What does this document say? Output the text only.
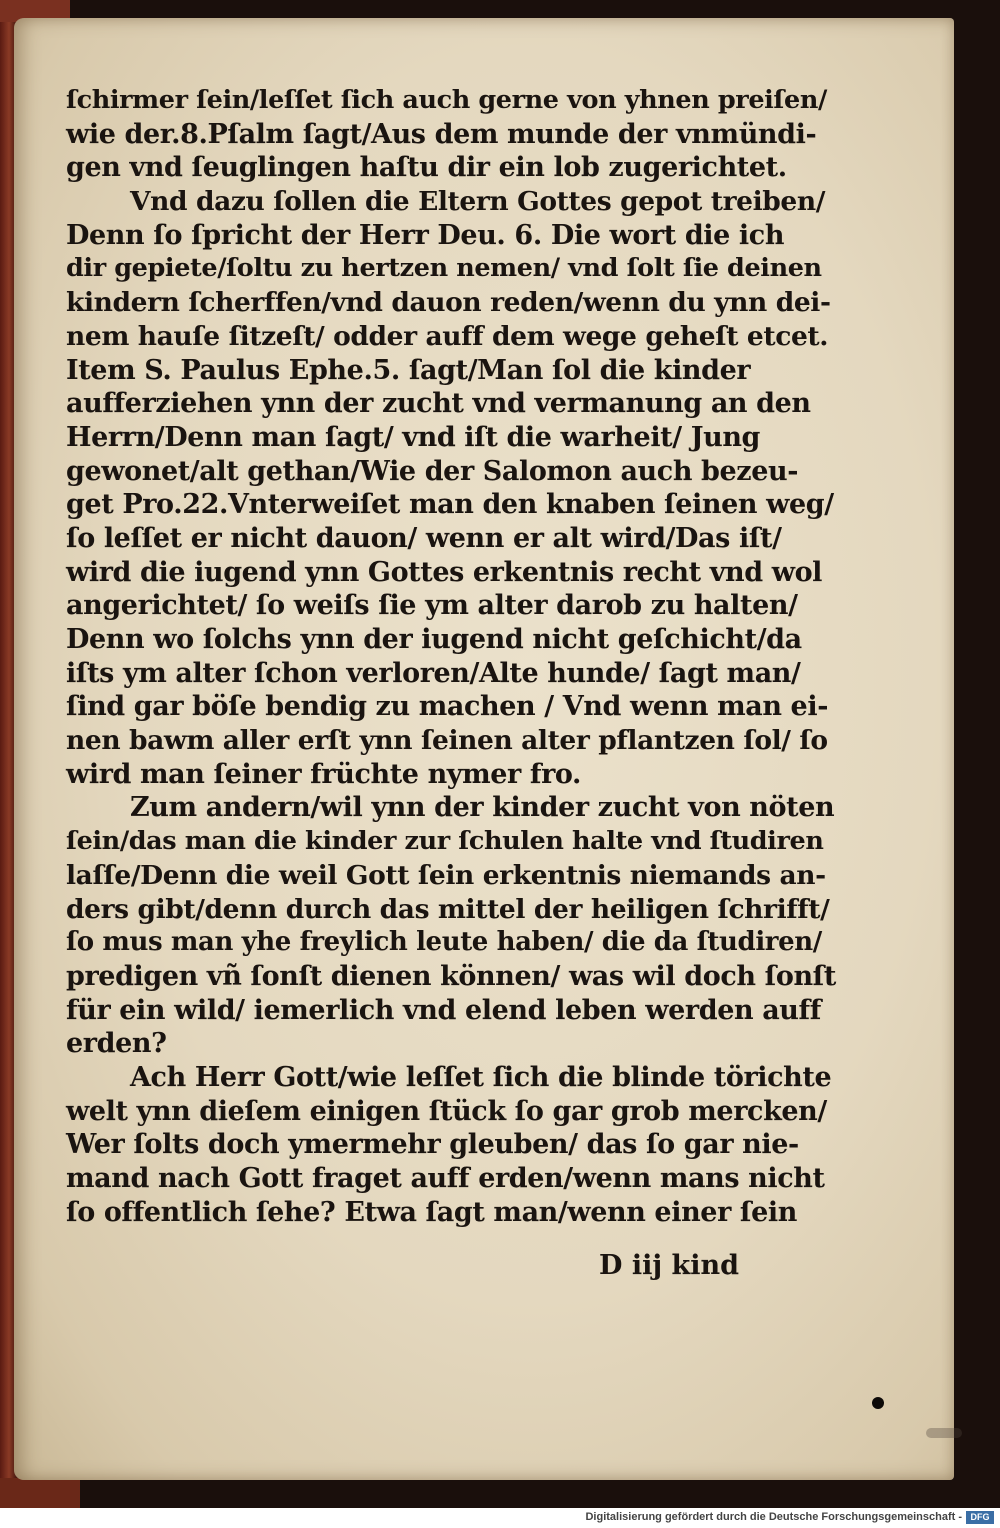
ſchirmer ſein/leſſet ſich auch gerne von yhnen preiſen/
wie der.8.Pſalm ſagt/Aus dem munde der vnmündi-
gen vnd ſeuglingen haſtu dir ein lob zugerichtet.
Vnd dazu ſollen die Eltern Gottes gepot treiben/
Denn ſo ſpricht der Herr Deu. 6. Die wort die ich
dir gepiete/ſoltu zu hertzen nemen/ vnd ſolt ſie deinen
kindern ſcherffen/vnd dauon reden/wenn du ynn dei-
nem hauſe ſitzeſt/ odder auff dem wege geheſt etcet.
Item S. Paulus Ephe.5. ſagt/Man ſol die kinder
aufferziehen ynn der zucht vnd vermanung an den
Herrn/Denn man ſagt/ vnd iſt die warheit/ Jung
gewonet/alt gethan/Wie der Salomon auch bezeu-
get Pro.22.Vnterweiſet man den knaben ſeinen weg/
ſo leſſet er nicht dauon/ wenn er alt wird/Das iſt/
wird die iugend ynn Gottes erkentnis recht vnd wol
angerichtet/ ſo weiſs ſie ym alter darob zu halten/
Denn wo ſolchs ynn der iugend nicht geſchicht/da
iſts ym alter ſchon verloren/Alte hunde/ ſagt man/
ſind gar böſe bendig zu machen / Vnd wenn man ei-
nen bawm aller erſt ynn ſeinen alter pflantzen ſol/ ſo
wird man ſeiner früchte nymer fro.
Zum andern/wil ynn der kinder zucht von nöten
ſein/das man die kinder zur ſchulen halte vnd ſtudiren
laſſe/Denn die weil Gott ſein erkentnis niemands an-
ders gibt/denn durch das mittel der heiligen ſchrifft/
ſo mus man yhe freylich leute haben/ die da ſtudiren/
predigen vñ ſonſt dienen können/ was wil doch ſonſt
für ein wild/ iemerlich vnd elend leben werden auff
erden?
Ach Herr Gott/wie leſſet ſich die blinde törichte
welt ynn dieſem einigen ſtück ſo gar grob mercken/
Wer ſolts doch ymermehr gleuben/ das ſo gar nie-
mand nach Gott fraget auff erden/wenn mans nicht
ſo offentlich ſehe? Etwa ſagt man/wenn einer ſein
D iij kind
Digitalisierung gefördert durch die Deutsche Forschungsgemeinschaft - DFG
